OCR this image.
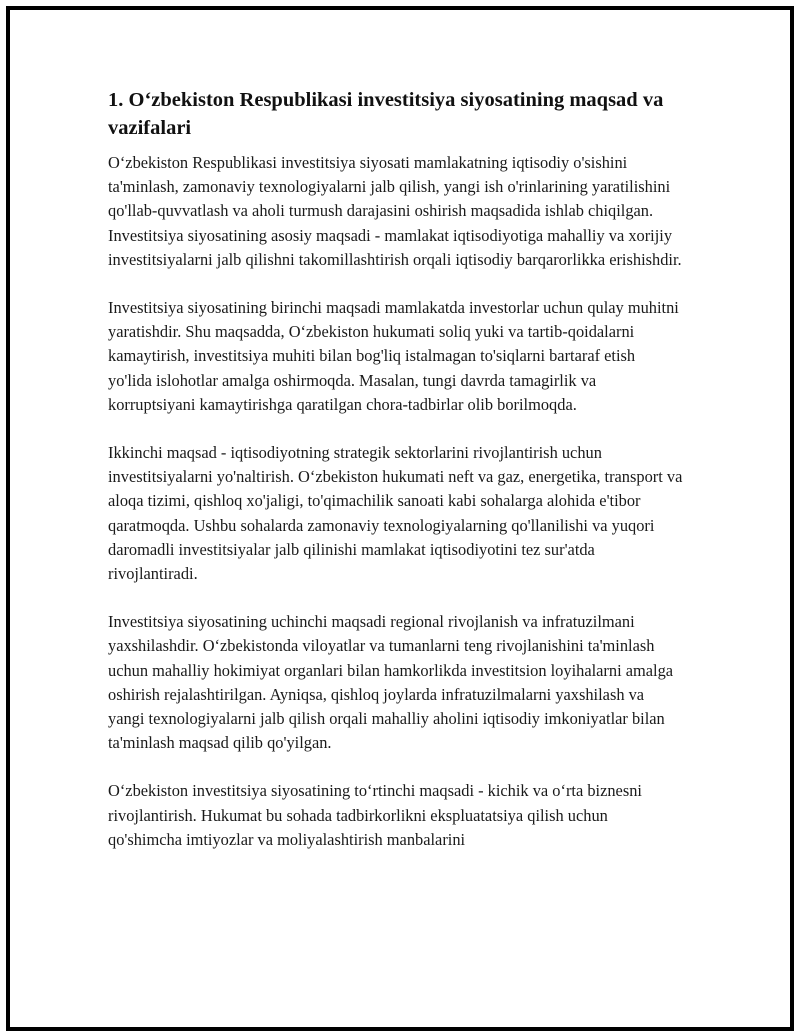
1. O‘zbekiston Respublikasi investitsiya siyosatining maqsad va vazifalari

O‘zbekiston Respublikasi investitsiya siyosati mamlakatning iqtisodiy o'sishini ta'minlash, zamonaviy texnologiyalarni jalb qilish, yangi ish o'rinlarining yaratilishini qo'llab-quvvatlash va aholi turmush darajasini oshirish maqsadida ishlab chiqilgan. Investitsiya siyosatining asosiy maqsadi - mamlakat iqtisodiyotiga mahalliy va xorijiy investitsiyalarni jalb qilishni takomillashtirish orqali iqtisodiy barqarorlikka erishishdir.

Investitsiya siyosatining birinchi maqsadi mamlakatda investorlar uchun qulay muhitni yaratishdir. Shu maqsadda, O‘zbekiston hukumati soliq yuki va tartib-qoidalarni kamaytirish, investitsiya muhiti bilan bog'liq istalmagan to'siqlarni bartaraf etish yo'lida islohotlar amalga oshirmoqda. Masalan, tungi davrda tamagirlik va korruptsiyani kamaytirishga qaratilgan chora-tadbirlar olib borilmoqda.

Ikkinchi maqsad - iqtisodiyotning strategik sektorlarini rivojlantirish uchun investitsiyalarni yo'naltirish. O‘zbekiston hukumati neft va gaz, energetika, transport va aloqa tizimi, qishloq xo'jaligi, to'qimachilik sanoati kabi sohalarga alohida e'tibor qaratmoqda. Ushbu sohalarda zamonaviy texnologiyalarning qo'llanilishi va yuqori daromadli investitsiyalar jalb qilinishi mamlakat iqtisodiyotini tez sur'atda rivojlantiradi.

Investitsiya siyosatining uchinchi maqsadi regional rivojlanish va infratuzilmani yaxshilashdir. O‘zbekistonda viloyatlar va tumanlarni teng rivojlanishini ta'minlash uchun mahalliy hokimiyat organlari bilan hamkorlikda investitsion loyihalarni amalga oshirish rejalashtirilgan. Ayniqsa, qishloq joylarda infratuzilmalarni yaxshilash va yangi texnologiyalarni jalb qilish orqali mahalliy aholini iqtisodiy imkoniyatlar bilan ta'minlash maqsad qilib qo'yilgan.

O‘zbekiston investitsiya siyosatining to‘rtinchi maqsadi - kichik va o‘rta biznesni rivojlantirish. Hukumat bu sohada tadbirkorlikni ekspluatatsiya qilish uchun qo'shimcha imtiyozlar va moliyalashtirish manbalarini
